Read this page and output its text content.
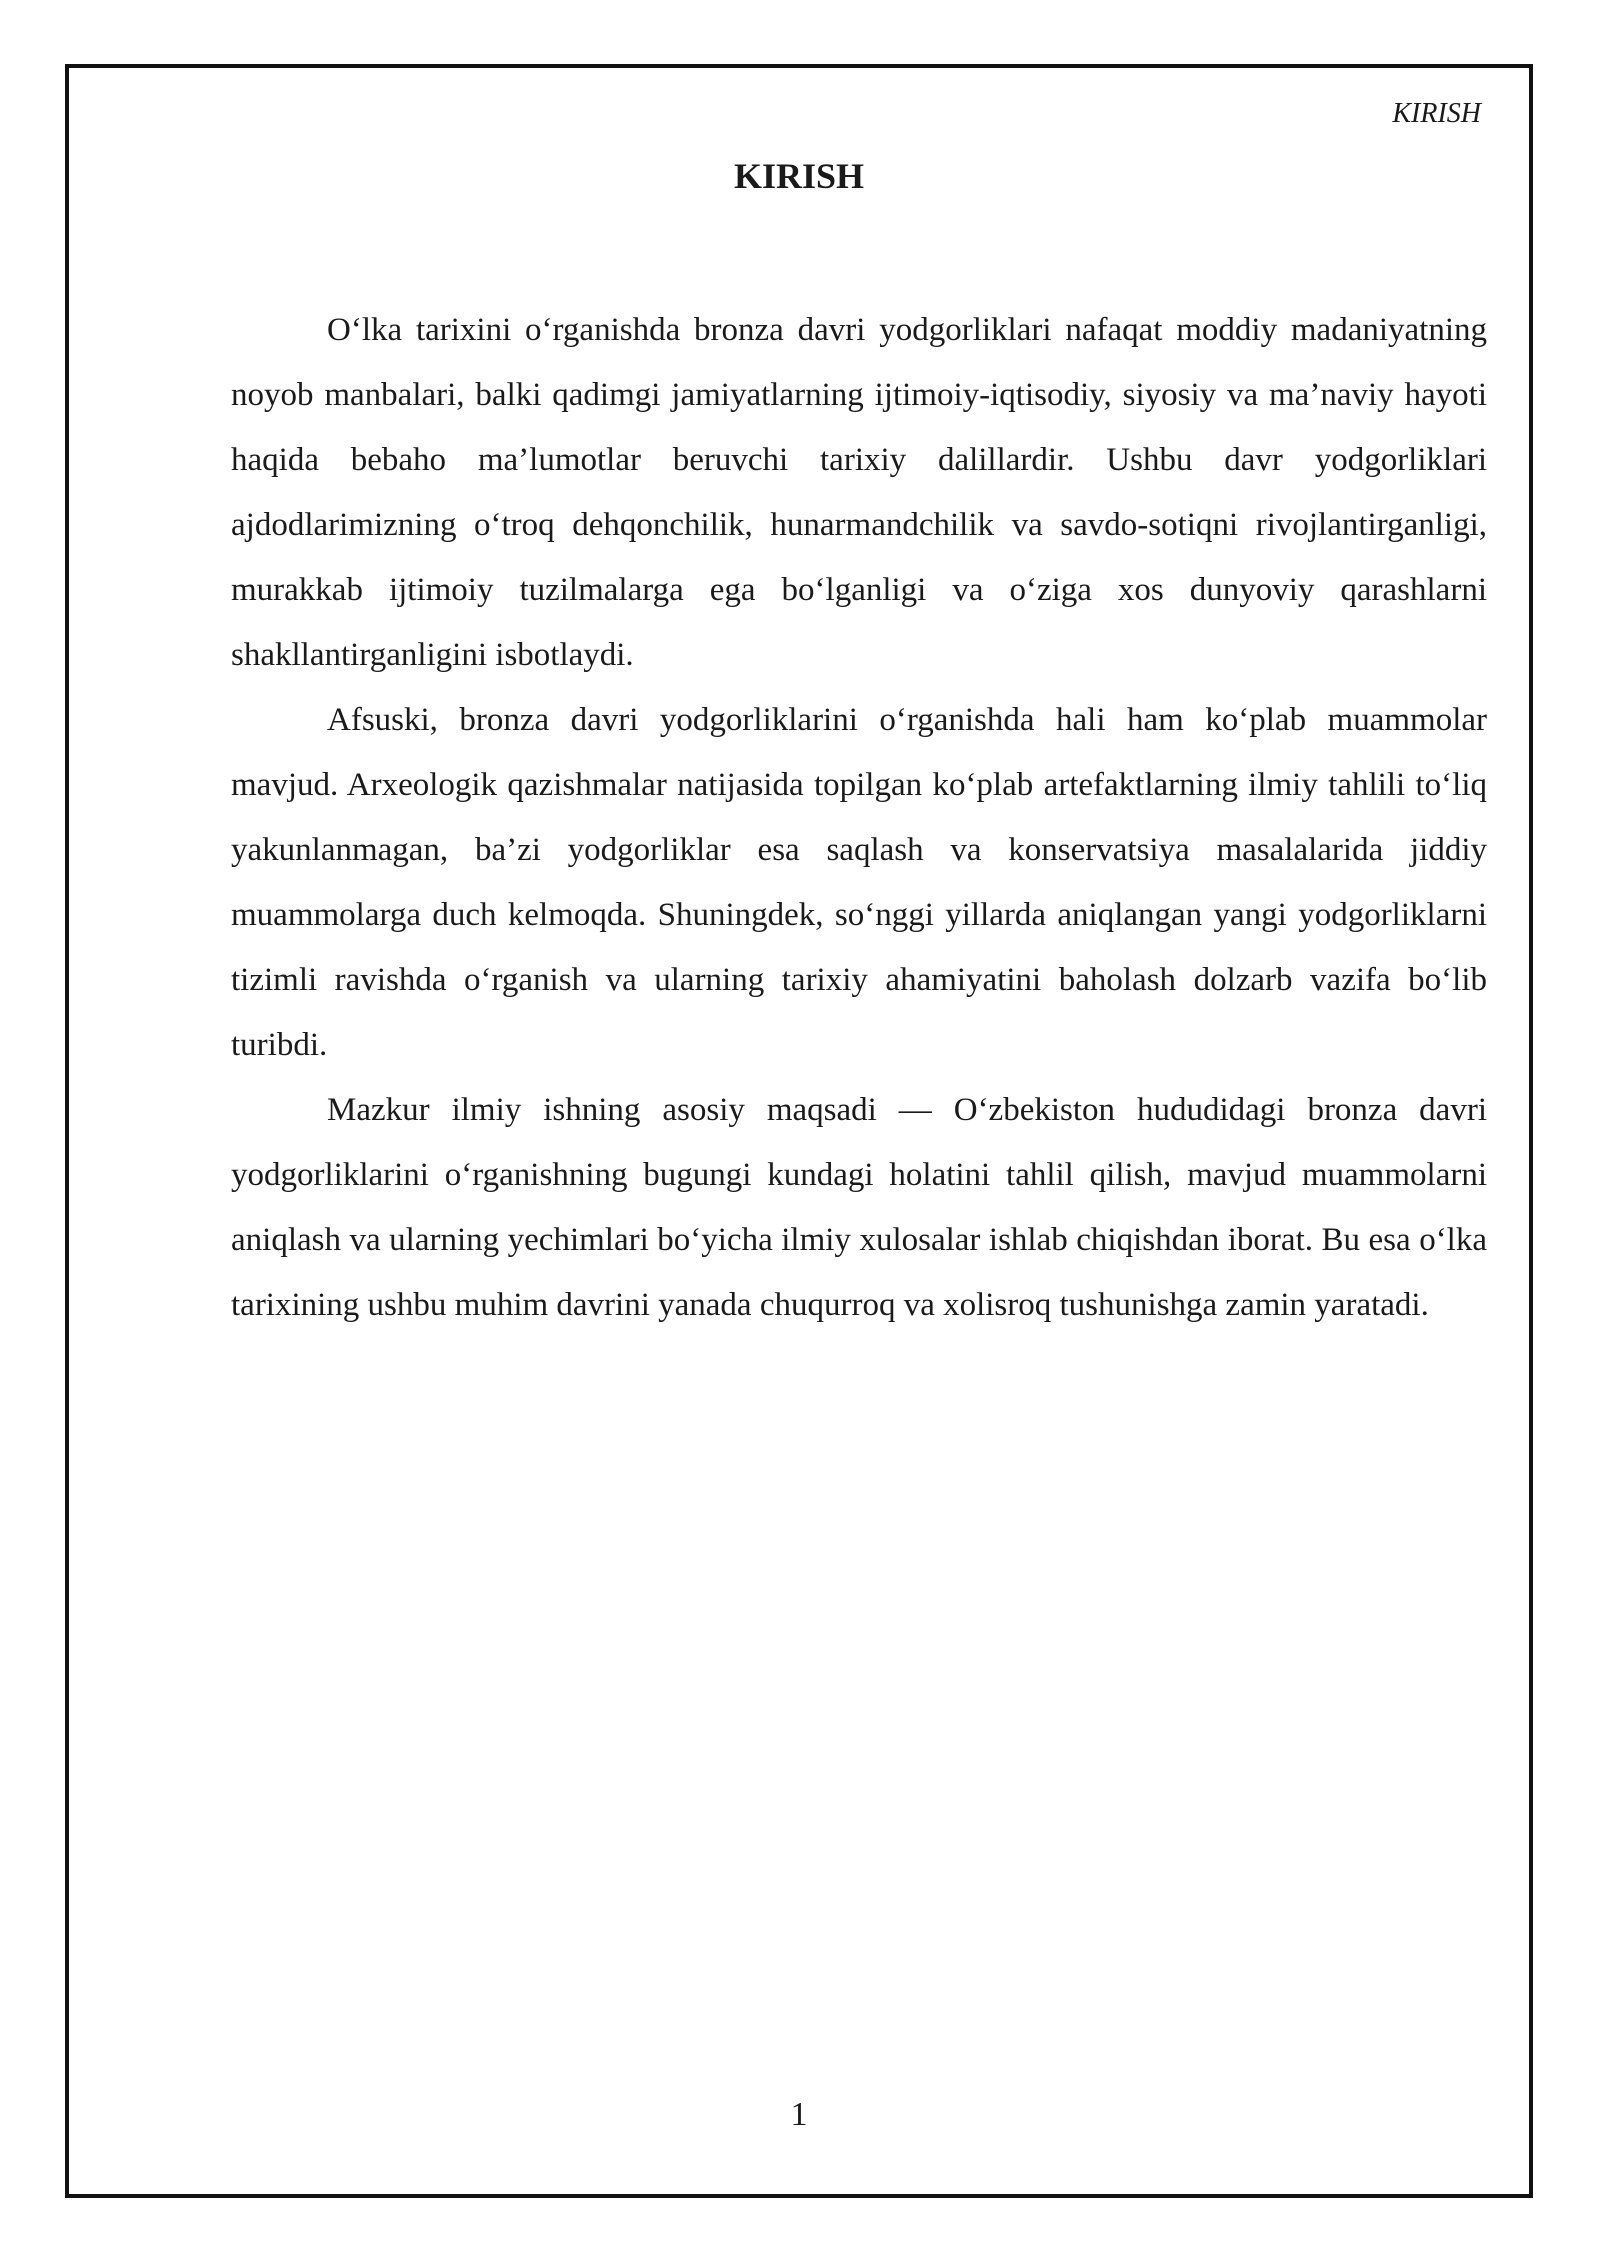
KIRISH
KIRISH

O‘lka tarixini o‘rganishda bronza davri yodgorliklari nafaqat moddiy madaniyatning noyob manbalari, balki qadimgi jamiyatlarning ijtimoiy-iqtisodiy, siyosiy va ma’naviy hayoti haqida bebaho ma’lumotlar beruvchi tarixiy dalillardir. Ushbu davr yodgorliklari ajdodlarimizning o‘troq dehqonchilik, hunarmandchilik va savdo-sotiqni rivojlantirganligi, murakkab ijtimoiy tuzilmalarga ega bo‘lganligi va o‘ziga xos dunyoviy qarashlarni shakllantirganligini isbotlaydi.

Afsuski, bronza davri yodgorliklarini o‘rganishda hali ham ko‘plab muammolar mavjud. Arxeologik qazishmalar natijasida topilgan ko‘plab artefaktlarning ilmiy tahlili to‘liq yakunlanmagan, ba’zi yodgorliklar esa saqlash va konservatsiya masalalarida jiddiy muammolarga duch kelmoqda. Shuningdek, so‘nggi yillarda aniqlangan yangi yodgorliklarni tizimli ravishda o‘rganish va ularning tarixiy ahamiyatini baholash dolzarb vazifa bo‘lib turibdi.

Mazkur ilmiy ishning asosiy maqsadi — O‘zbekiston hududidagi bronza davri yodgorliklarini o‘rganishning bugungi kundagi holatini tahlil qilish, mavjud muammolarni aniqlash va ularning yechimlari bo‘yicha ilmiy xulosalar ishlab chiqishdan iborat. Bu esa o‘lka tarixining ushbu muhim davrini yanada chuqurroq va xolisroq tushunishga zamin yaratadi.

1
